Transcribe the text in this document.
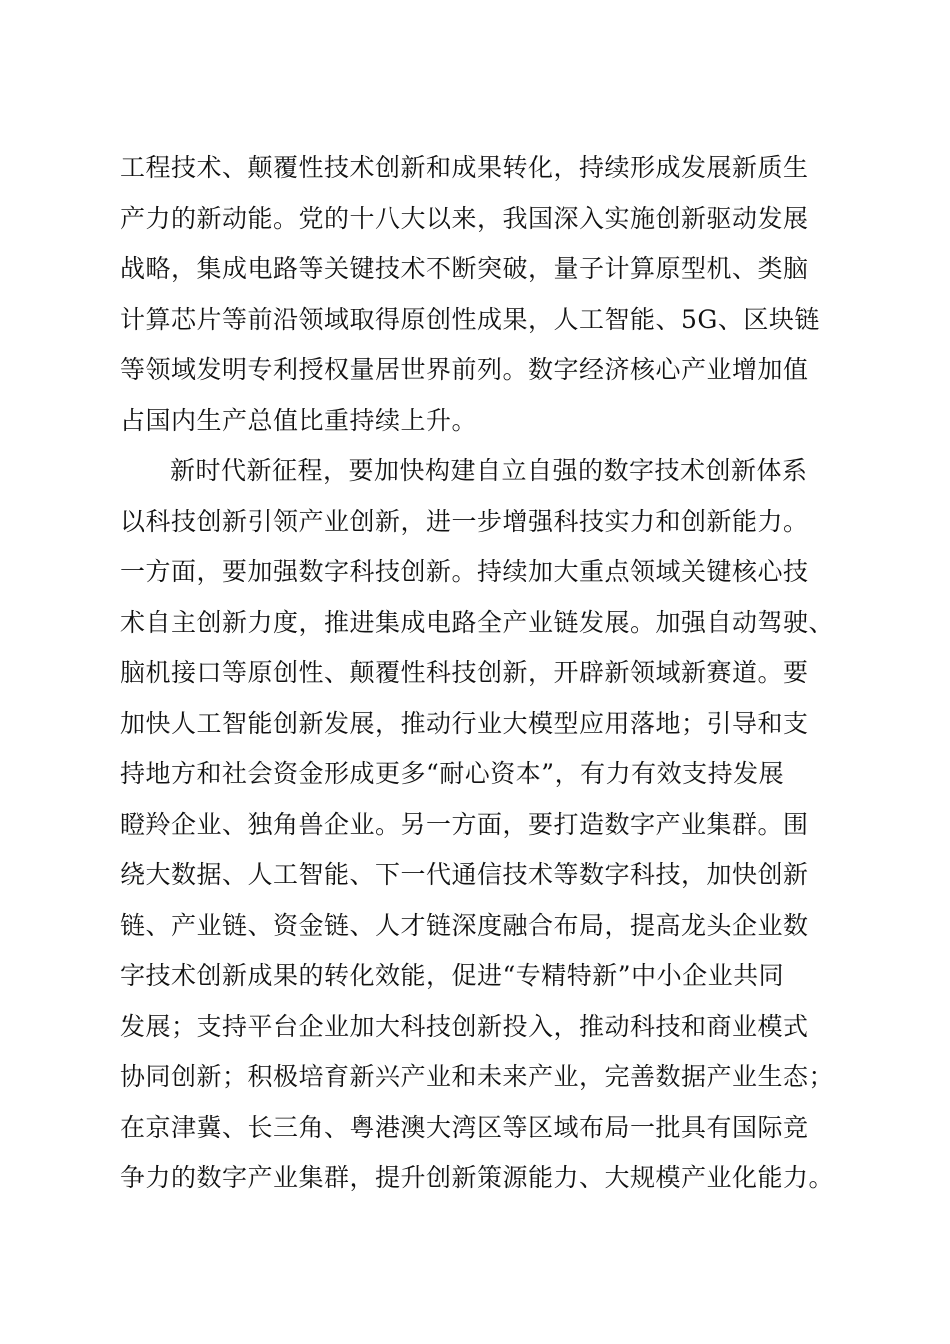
工程技术、颠覆性技术创新和成果转化，持续形成发展新质生
产力的新动能。党的十八大以来，我国深入实施创新驱动发展
战略，集成电路等关键技术不断突破，量子计算原型机、类脑
计算芯片等前沿领域取得原创性成果，人工智能、5G、区块链
等领域发明专利授权量居世界前列。数字经济核心产业增加值
占国内生产总值比重持续上升。
新时代新征程，要加快构建自立自强的数字技术创新体系
以科技创新引领产业创新，进一步增强科技实力和创新能力。
一方面，要加强数字科技创新。持续加大重点领域关键核心技
术自主创新力度，推进集成电路全产业链发展。加强自动驾驶、
脑机接口等原创性、颠覆性科技创新，开辟新领域新赛道。要
加快人工智能创新发展，推动行业大模型应用落地；引导和支
持地方和社会资金形成更多“耐心资本”，有力有效支持发展
瞪羚企业、独角兽企业。另一方面，要打造数字产业集群。围
绕大数据、人工智能、下一代通信技术等数字科技，加快创新
链、产业链、资金链、人才链深度融合布局，提高龙头企业数
字技术创新成果的转化效能，促进“专精特新”中小企业共同
发展；支持平台企业加大科技创新投入，推动科技和商业模式
协同创新；积极培育新兴产业和未来产业，完善数据产业生态；
在京津冀、长三角、粤港澳大湾区等区域布局一批具有国际竞
争力的数字产业集群，提升创新策源能力、大规模产业化能力。
